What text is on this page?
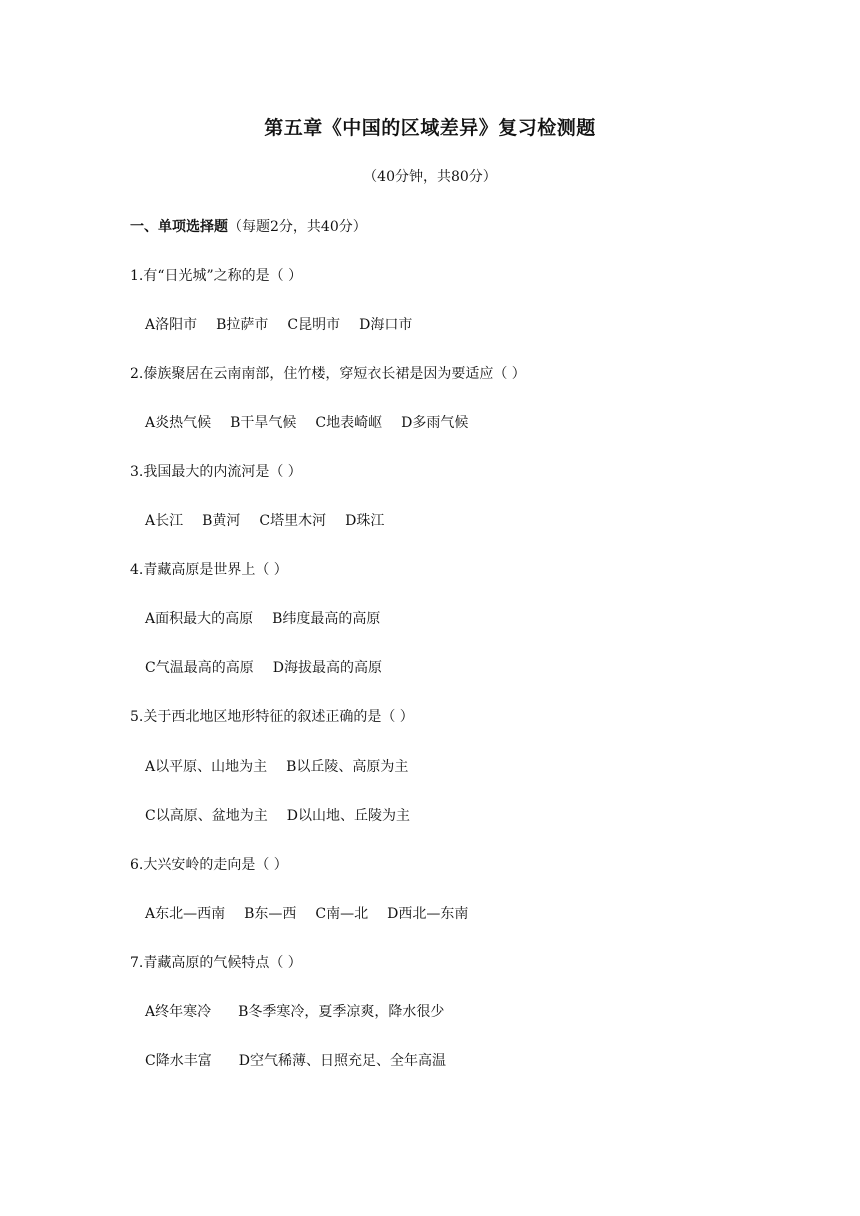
第五章《中国的区域差异》复习检测题
（40分钟，共80分）
一、单项选择题（每题2分，共40分）
1.有“日光城”之称的是（ ）
A洛阳市 B拉萨市 C昆明市 D海口市
2.傣族聚居在云南南部，住竹楼，穿短衣长裙是因为要适应（ ）
A炎热气候 B干旱气候 C地表崎岖 D多雨气候
3.我国最大的内流河是（ ）
A长江 B黄河 C塔里木河 D珠江
4.青藏高原是世界上（ ）
A面积最大的高原 B纬度最高的高原
C气温最高的高原 D海拔最高的高原
5.关于西北地区地形特征的叙述正确的是（ ）
A以平原、山地为主 B以丘陵、高原为主
C以高原、盆地为主 D以山地、丘陵为主
6.大兴安岭的走向是（ ）
A东北—西南 B东—西 C南—北 D西北—东南
7.青藏高原的气候特点（ ）
A终年寒冷 B冬季寒冷，夏季凉爽，降水很少
C降水丰富 D空气稀薄、日照充足、全年高温
